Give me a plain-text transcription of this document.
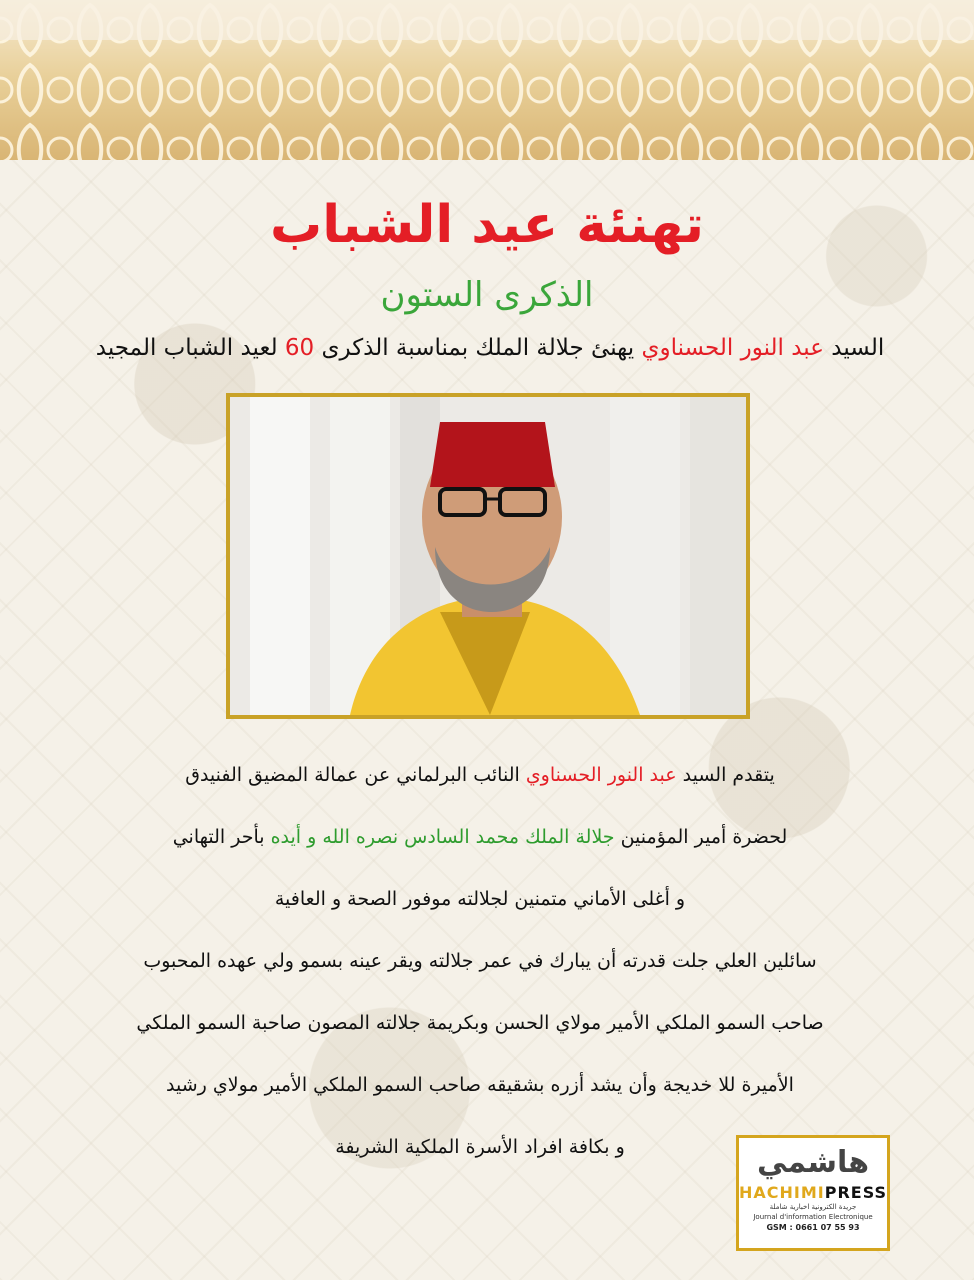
تهنئة عيد الشباب
الذكرى الستون
السيد عبد النور الحسناوي يهنئ جلالة الملك بمناسبة الذكرى 60 لعيد الشباب المجيد
يتقدم السيد عبد النور الحسناوي النائب البرلماني عن عمالة المضيق الفنيدق
لحضرة أمير المؤمنين جلالة الملك محمد السادس نصره الله و أيده بأحر التهاني
و أغلى الأماني متمنين لجلالته موفور الصحة و العافية
سائلين العلي جلت قدرته أن يبارك في عمر جلالته ويقر عينه بسمو ولي عهده المحبوب
صاحب السمو الملكي الأمير مولاي الحسن وبكريمة جلالته المصون صاحبة السمو الملكي
الأميرة للا خديجة وأن يشد أزره بشقيقه صاحب السمو الملكي الأمير مولاي رشيد
و بكافة افراد الأسرة الملكية الشريفة	هاشمي
HACHIMIPRESS
جريدة الكترونية اخبارية شاملة
Journal d'information Electronique
GSM : 0661 07 55 93
